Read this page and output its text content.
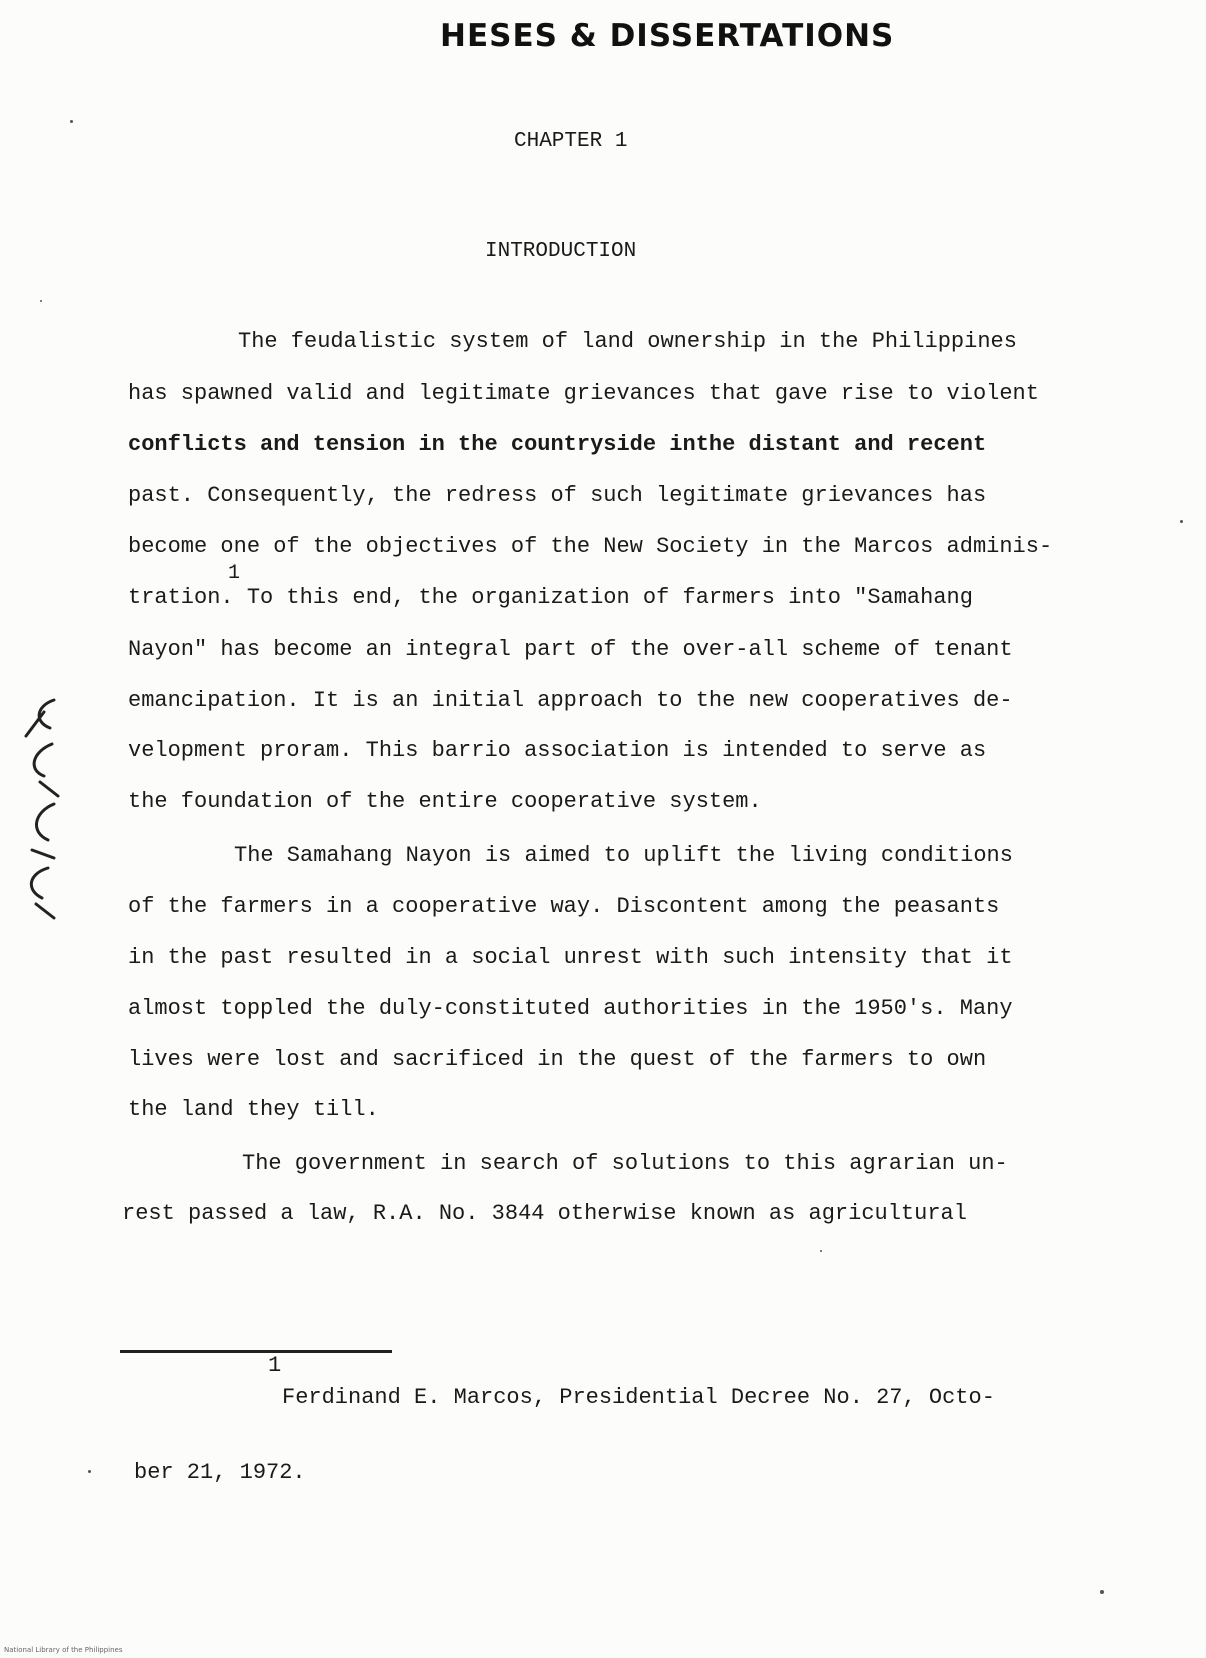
HESES & DISSERTATIONS
CHAPTER 1
INTRODUCTION
The feudalistic system of land ownership in the Philippines
has spawned valid and legitimate grievances that gave rise to violent
conflicts and tension in the countryside inthe distant and recent
past. Consequently, the redress of such legitimate grievances has
become one of the objectives of the New Society in the Marcos adminis-
1
tration. To this end, the organization of farmers into "Samahang
Nayon" has become an integral part of the over-all scheme of tenant
emancipation. It is an initial approach to the new cooperatives de-
velopment proram. This barrio association is intended to serve as
the foundation of the entire cooperative system.
The Samahang Nayon is aimed to uplift the living conditions
of the farmers in a cooperative way. Discontent among the peasants
in the past resulted in a social unrest with such intensity that it
almost toppled the duly-constituted authorities in the 1950's. Many
lives were lost and sacrificed in the quest of the farmers to own
the land they till.
The government in search of solutions to this agrarian un-
rest passed a law, R.A. No. 3844 otherwise known as agricultural
1
Ferdinand E. Marcos, Presidential Decree No. 27, Octo-
ber 21, 1972.
National Library of the Philippines
